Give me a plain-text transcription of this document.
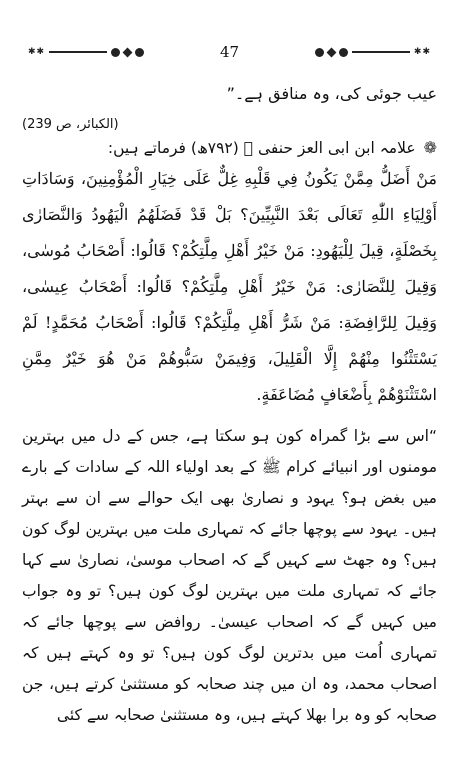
✱✱	47	✱✱
عیب جوئی کی، وہ منافق ہے۔”
(الکبائر، ص 239)
❁
علامہ ابن ابی العز حنفی ﷫ (۷۹۲ھ) فرماتے ہیں:
مَنْ أَضَلُّ مِمَّنْ يَكُونُ فِي قَلْبِهِ غِلٌّ عَلَى خِيَارِ الْمُؤْمِنِينَ، وَسَادَاتِ أَوْلِيَاءِ اللّٰهِ تَعَالَى بَعْدَ النَّبِيِّينَ؟ بَلْ قَدْ فَضَلَهُمُ الْيَهُودُ وَالنَّصَارٰى بِخَصْلَةٍ، قِيلَ لِلْيَهُودِ: مَنْ خَيْرُ أَهْلِ مِلَّتِكُمْ؟ قَالُوا: أَصْحَابُ مُوسٰى، وَقِيلَ لِلنَّصَارٰى: مَنْ خَيْرُ أَهْلِ مِلَّتِكُمْ؟ قَالُوا: أَصْحَابُ عِيسٰى، وَقِيلَ لِلرَّافِضَةِ: مَنْ شَرُّ أَهْلِ مِلَّتِكُمْ؟ قَالُوا: أَصْحَابُ مُحَمَّدٍ! لَمْ يَسْتَثْنُوا مِنْهُمْ إِلَّا الْقَلِيلَ، وَفِيمَنْ سَبُّوهُمْ مَنْ هُوَ خَيْرٌ مِمَّنِ اسْتَثْنَوْهُمْ بِأَضْعَافٍ مُضَاعَفَةٍ.
“اس سے بڑا گمراہ کون ہو سکتا ہے، جس کے دل میں بہترین مومنوں اور انبیائے کرام ﷺ کے بعد اولیاء اللہ کے سادات کے بارے میں بغض ہو؟ یہود و نصاریٰ بھی ایک حوالے سے ان سے بہتر ہیں۔ یہود سے پوچھا جائے کہ تمہاری ملت میں بہترین لوگ کون ہیں؟ وہ جھٹ سے کہیں گے کہ اصحاب موسیٰ، نصاریٰ سے کہا جائے کہ تمہاری ملت میں بہترین لوگ کون ہیں؟ تو وہ جواب میں کہیں گے کہ اصحاب عیسیٰ۔ روافض سے پوچھا جائے کہ تمہاری اُمت میں بدترین لوگ کون ہیں؟ تو وہ کہتے ہیں کہ اصحاب محمد، وہ ان میں چند صحابہ کو مستثنیٰ کرتے ہیں، جن صحابہ کو وہ برا بھلا کہتے ہیں، وہ مستثنیٰ صحابہ سے کئی
